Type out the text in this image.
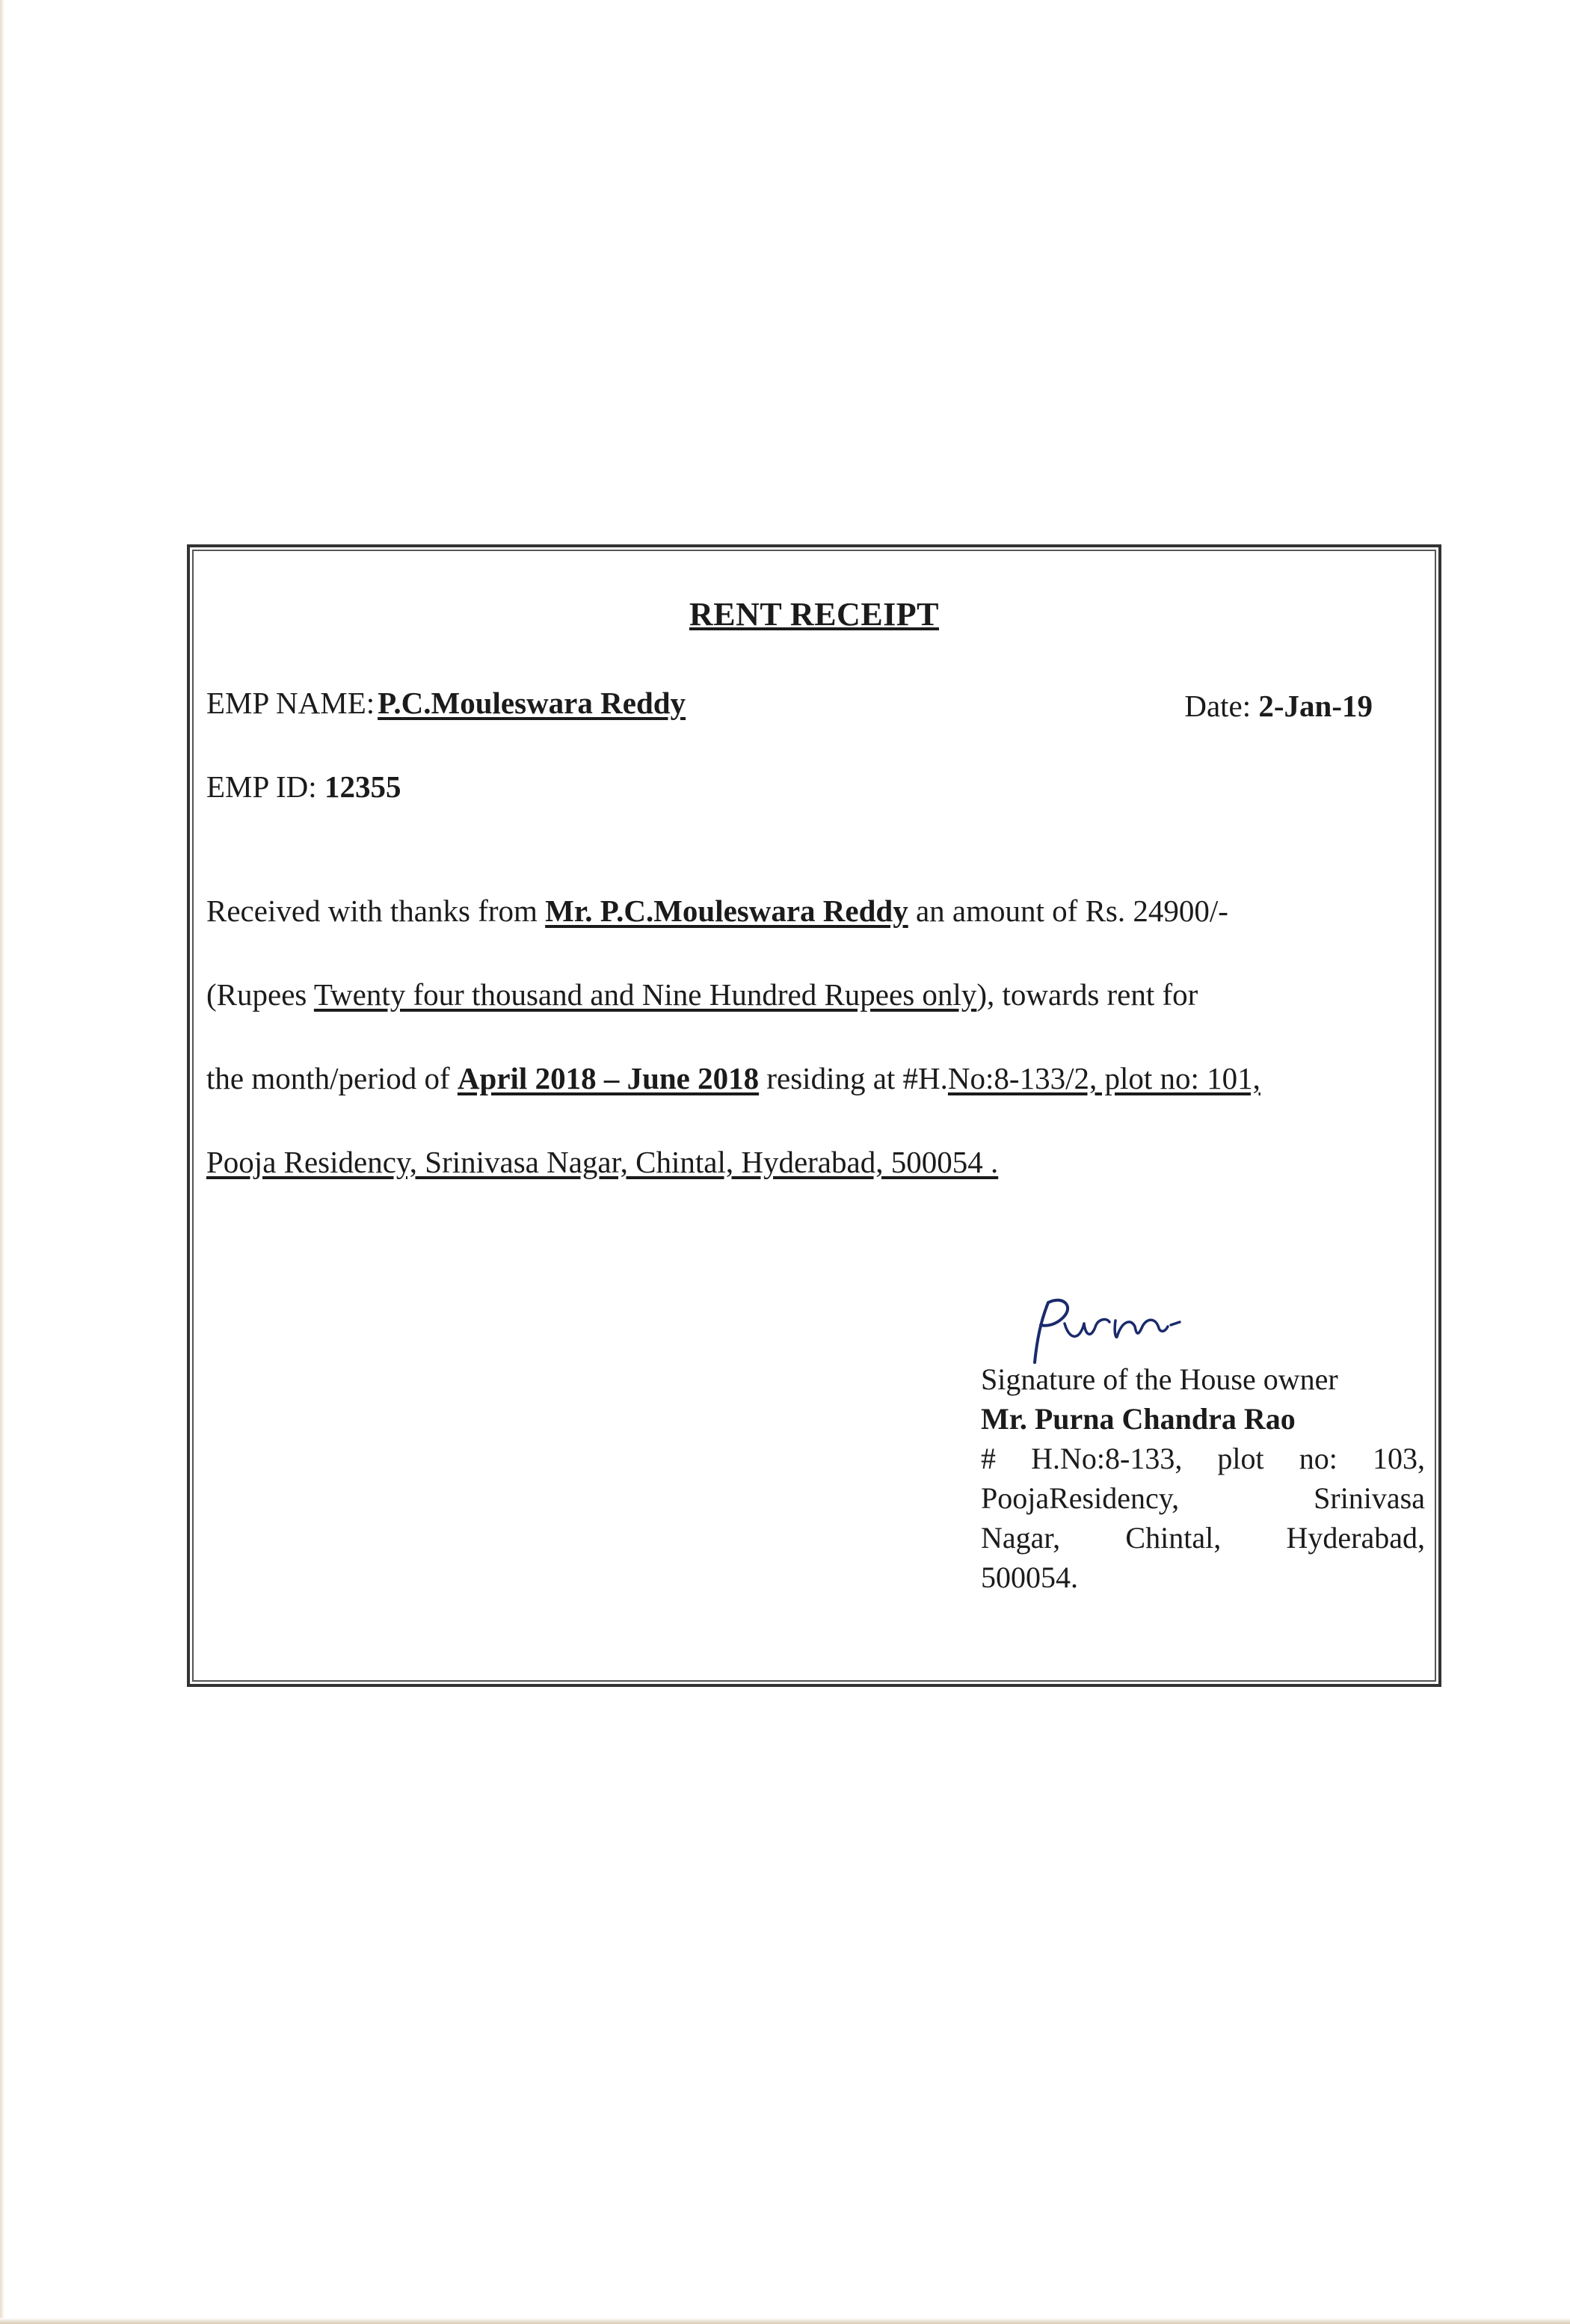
RENT RECEIPT
EMP NAME:P.C.Mouleswara Reddy	Date: 2-Jan-19
EMP ID: 12355
Received with thanks from Mr. P.C.Mouleswara Reddy an amount of Rs. 24900/-
(Rupees Twenty four thousand and Nine Hundred Rupees only), towards rent for
the month/period of April 2018 – June 2018 residing at #H.No:8-133/2, plot no: 101,
Pooja Residency, Srinivasa Nagar, Chintal, Hyderabad, 500054 .
Signature of the House owner
Mr. Purna Chandra Rao
# H.No:8-133, plot no: 103,
PoojaResidency, Srinivasa
Nagar, Chintal, Hyderabad,
500054.
